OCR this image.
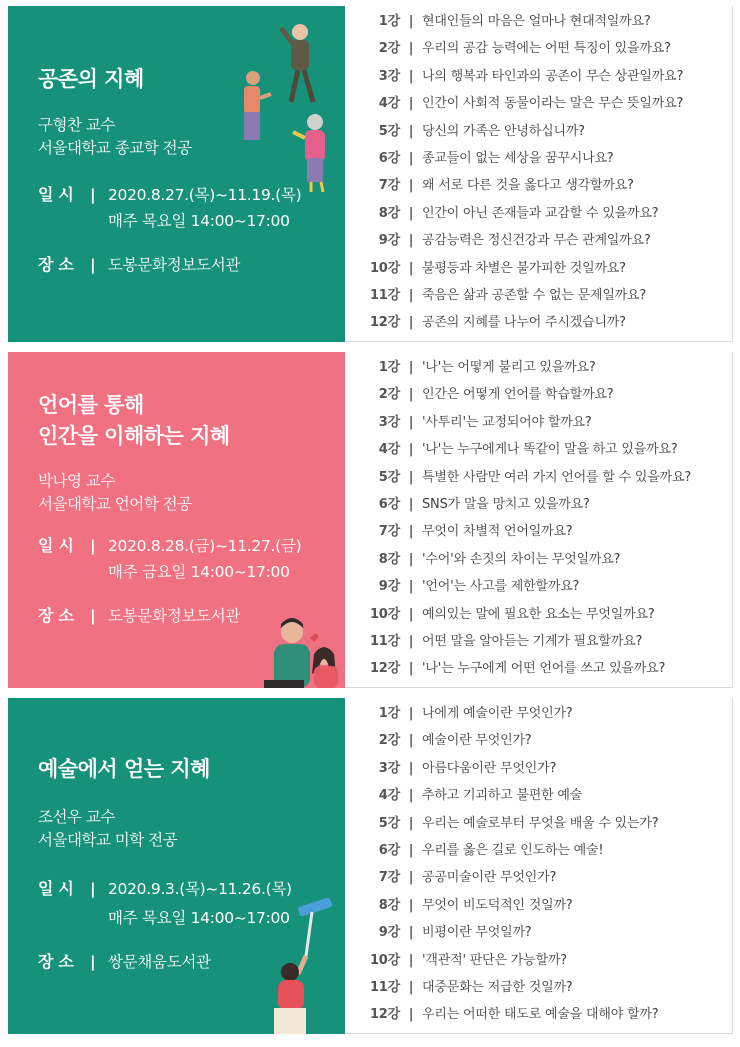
공존의 지혜
구형찬 교수
서울대학교 종교학 전공
일 시 | 2020.8.27.(목)~11.19.(목)
매주 목요일 14:00~17:00
장 소 | 도봉문화정보도서관
1강 | 현대인들의 마음은 얼마나 현대적일까요?
2강 | 우리의 공감 능력에는 어떤 특징이 있을까요?
3강 | 나의 행복과 타인과의 공존이 무슨 상관일까요?
4강 | 인간이 사회적 동물이라는 말은 무슨 뜻일까요?
5강 | 당신의 가족은 안녕하십니까?
6강 | 종교들이 없는 세상을 꿈꾸시나요?
7강 | 왜 서로 다른 것을 옳다고 생각할까요?
8강 | 인간이 아닌 존재들과 교감할 수 있을까요?
9강 | 공감능력은 정신건강과 무슨 관계일까요?
10강 | 불평등과 차별은 불가피한 것일까요?
11강 | 죽음은 삶과 공존할 수 없는 문제일까요?
12강 | 공존의 지혜를 나누어 주시겠습니까?
언어를 통해
인간을 이해하는 지혜
박나영 교수
서울대학교 언어학 전공
일 시 | 2020.8.28.(금)~11.27.(금)
매주 금요일 14:00~17:00
장 소 | 도봉문화정보도서관
1강 | '나'는 어떻게 불리고 있을까요?
2강 | 인간은 어떻게 언어를 학습할까요?
3강 | '사투리'는 교정되어야 할까요?
4강 | '나'는 누구에게나 똑같이 말을 하고 있을까요?
5강 | 특별한 사람만 여러 가지 언어를 할 수 있을까요?
6강 | SNS가 말을 망치고 있을까요?
7강 | 무엇이 차별적 언어일까요?
8강 | '수어'와 손짓의 차이는 무엇일까요?
9강 | '언어'는 사고를 제한할까요?
10강 | 예의있는 말에 필요한 요소는 무엇일까요?
11강 | 어떤 말을 알아듣는 기계가 필요할까요?
12강 | '나'는 누구에게 어떤 언어를 쓰고 있을까요?
예술에서 얻는 지혜
조선우 교수
서울대학교 미학 전공
일 시 | 2020.9.3.(목)~11.26.(목)
매주 목요일 14:00~17:00
장 소 | 쌍문채움도서관
1강 | 나에게 예술이란 무엇인가?
2강 | 예술이란 무엇인가?
3강 | 아름다움이란 무엇인가?
4강 | 추하고 기괴하고 불편한 예술
5강 | 우리는 예술로부터 무엇을 배울 수 있는가?
6강 | 우리를 옳은 길로 인도하는 예술!
7강 | 공공미술이란 무엇인가?
8강 | 무엇이 비도덕적인 것일까?
9강 | 비평이란 무엇일까?
10강 | '객관적' 판단은 가능할까?
11강 | 대중문화는 저급한 것일까?
12강 | 우리는 어떠한 태도로 예술을 대해야 할까?
